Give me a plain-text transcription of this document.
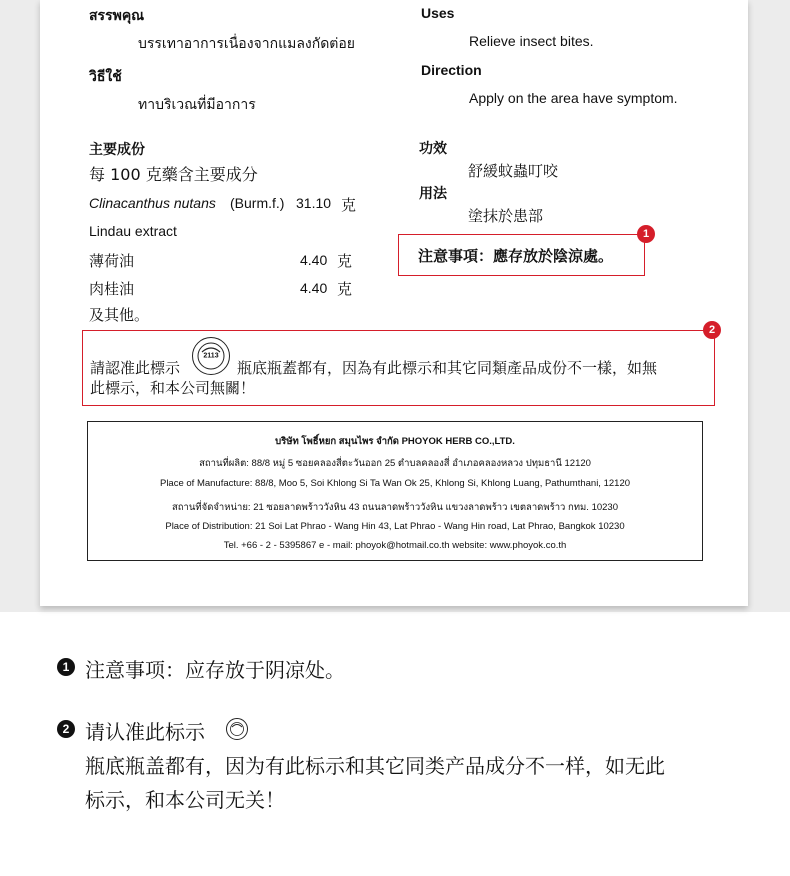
สรรพคุณ
บรรเทาอาการเนื่องจากแมลงกัดต่อย
วิธีใช้
ทาบริเวณที่มีอาการ
主要成份
每 100 克藥含主要成分
Clinacanthus nutans (Burm.f.) 31.10 克
Lindau extract
薄荷油	4.40 克
肉桂油	4.40 克
及其他。
Uses
Relieve insect bites.
Direction
Apply on the area have symptom.
功效
舒緩蚊蟲叮咬
用法
塗抹於患部
注意事項：應存放於陰涼處。
1
2
請認准此標示
2113
瓶底瓶蓋都有，因為有此標示和其它同類產品成份不一樣，如無
此標示，和本公司無關！
บริษัท โพธิ์หยก สมุนไพร จำกัด PHOYOK HERB CO.,LTD.
สถานที่ผลิต: 88/8 หมู่ 5 ซอยคลองสี่ตะวันออก 25 ตำบลคลองสี่ อำเภอคลองหลวง ปทุมธานี 12120
Place of Manufacture: 88/8, Moo 5, Soi Khlong Si Ta Wan Ok 25, Khlong Si, Khlong Luang, Pathumthani, 12120
สถานที่จัดจำหน่าย: 21 ซอยลาดพร้าววังหิน 43 ถนนลาดพร้าววังหิน แขวงลาดพร้าว เขตลาดพร้าว กทม. 10230
Place of Distribution: 21 Soi Lat Phrao - Wang Hin 43, Lat Phrao - Wang Hin road, Lat Phrao, Bangkok 10230
Tel. +66 - 2 - 5395867 e - mail: phoyok@hotmail.co.th website: www.phoyok.co.th
1 注意事项：应存放于阴凉处。
2 请认准此标示
瓶底瓶盖都有，因为有此标示和其它同类产品成分不一样，如无此
标示，和本公司无关！
